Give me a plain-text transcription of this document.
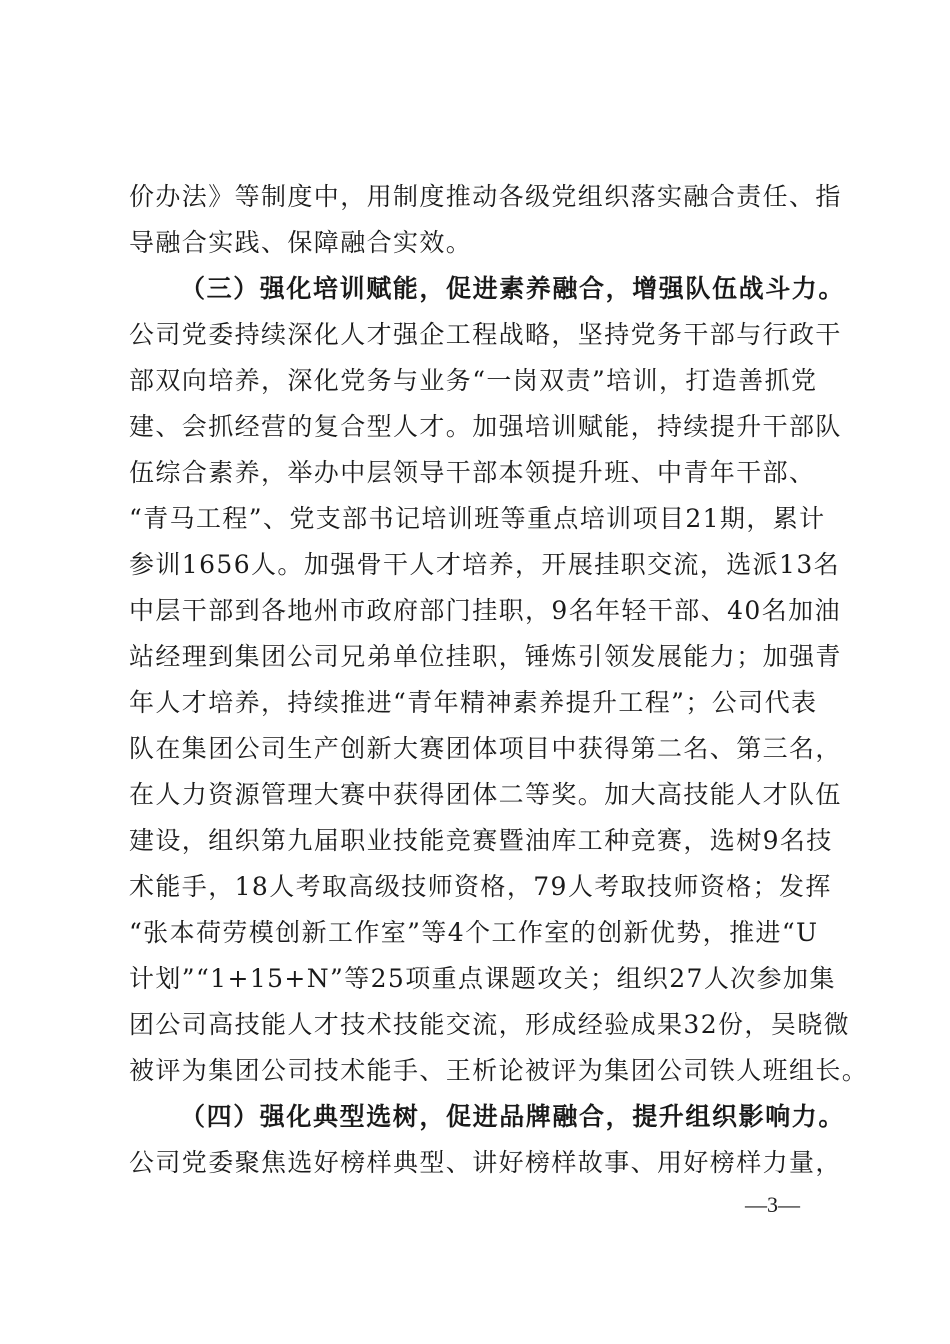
价办法》等制度中，用制度推动各级党组织落实融合责任、指
导融合实践、保障融合实效。
（三）强化培训赋能，促进素养融合，增强队伍战斗力。
公司党委持续深化人才强企工程战略，坚持党务干部与行政干
部双向培养，深化党务与业务“一岗双责”培训，打造善抓党
建、会抓经营的复合型人才。加强培训赋能，持续提升干部队
伍综合素养，举办中层领导干部本领提升班、中青年干部、
“青马工程”、党支部书记培训班等重点培训项目21期，累计
参训1656人。加强骨干人才培养，开展挂职交流，选派13名
中层干部到各地州市政府部门挂职，9名年轻干部、40名加油
站经理到集团公司兄弟单位挂职，锤炼引领发展能力；加强青
年人才培养，持续推进“青年精神素养提升工程”；公司代表
队在集团公司生产创新大赛团体项目中获得第二名、第三名，
在人力资源管理大赛中获得团体二等奖。加大高技能人才队伍
建设，组织第九届职业技能竞赛暨油库工种竞赛，选树9名技
术能手，18人考取高级技师资格，79人考取技师资格；发挥
“张本荷劳模创新工作室”等4个工作室的创新优势，推进“U
计划”“1+15+N”等25项重点课题攻关；组织27人次参加集
团公司高技能人才技术技能交流，形成经验成果32份，吴晓微
被评为集团公司技术能手、王析论被评为集团公司铁人班组长。
（四）强化典型选树，促进品牌融合，提升组织影响力。
公司党委聚焦选好榜样典型、讲好榜样故事、用好榜样力量，
—3—
